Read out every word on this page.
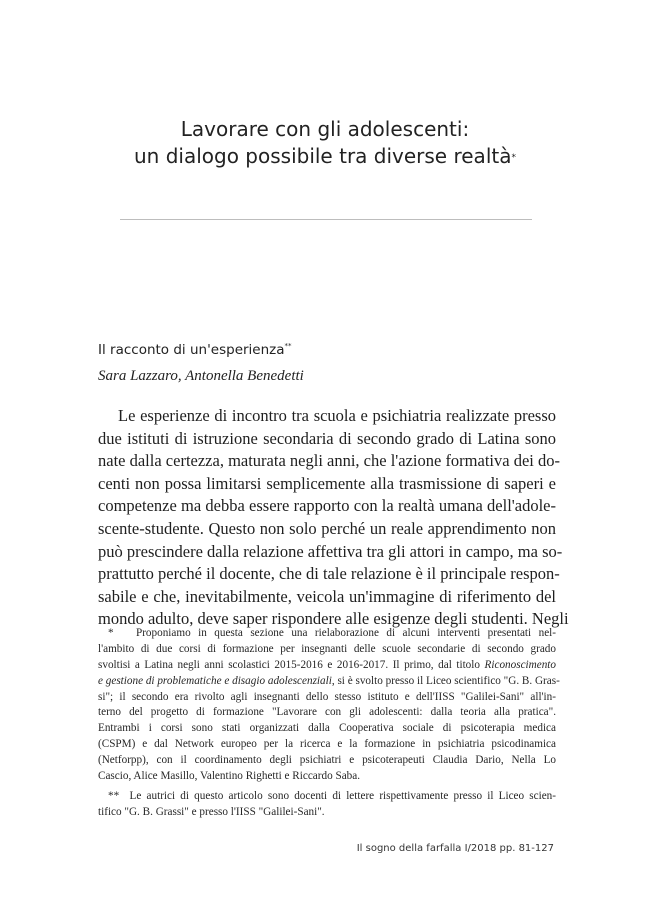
Lavorare con gli adolescenti:
un dialogo possibile tra diverse realtà*
Il racconto di un'esperienza**
Sara Lazzaro, Antonella Benedetti
Le esperienze di incontro tra scuola e psichiatria realizzate presso
due istituti di istruzione secondaria di secondo grado di Latina sono
nate dalla certezza, maturata negli anni, che l'azione formativa dei do-
centi non possa limitarsi semplicemente alla trasmissione di saperi e
competenze ma debba essere rapporto con la realtà umana dell'adole-
scente-studente. Questo non solo perché un reale apprendimento non
può prescindere dalla relazione affettiva tra gli attori in campo, ma so-
prattutto perché il docente, che di tale relazione è il principale respon-
sabile e che, inevitabilmente, veicola un'immagine di riferimento del
mondo adulto, deve saper rispondere alle esigenze degli studenti. Negli
* Proponiamo in questa sezione una rielaborazione di alcuni interventi presentati nel-
l'ambito di due corsi di formazione per insegnanti delle scuole secondarie di secondo grado
svoltisi a Latina negli anni scolastici 2015-2016 e 2016-2017. Il primo, dal titolo Riconoscimento
e gestione di problematiche e disagio adolescenziali, si è svolto presso il Liceo scientifico "G. B. Gras-
si"; il secondo era rivolto agli insegnanti dello stesso istituto e dell'IISS "Galilei-Sani" all'in-
terno del progetto di formazione "Lavorare con gli adolescenti: dalla teoria alla pratica".
Entrambi i corsi sono stati organizzati dalla Cooperativa sociale di psicoterapia medica
(CSPM) e dal Network europeo per la ricerca e la formazione in psichiatria psicodinamica
(Netforpp), con il coordinamento degli psichiatri e psicoterapeuti Claudia Dario, Nella Lo
Cascio, Alice Masillo, Valentino Righetti e Riccardo Saba.
** Le autrici di questo articolo sono docenti di lettere rispettivamente presso il Liceo scien-
tifico "G. B. Grassi" e presso l'IISS "Galilei-Sani".
Il sogno della farfalla I/2018 pp. 81-127
